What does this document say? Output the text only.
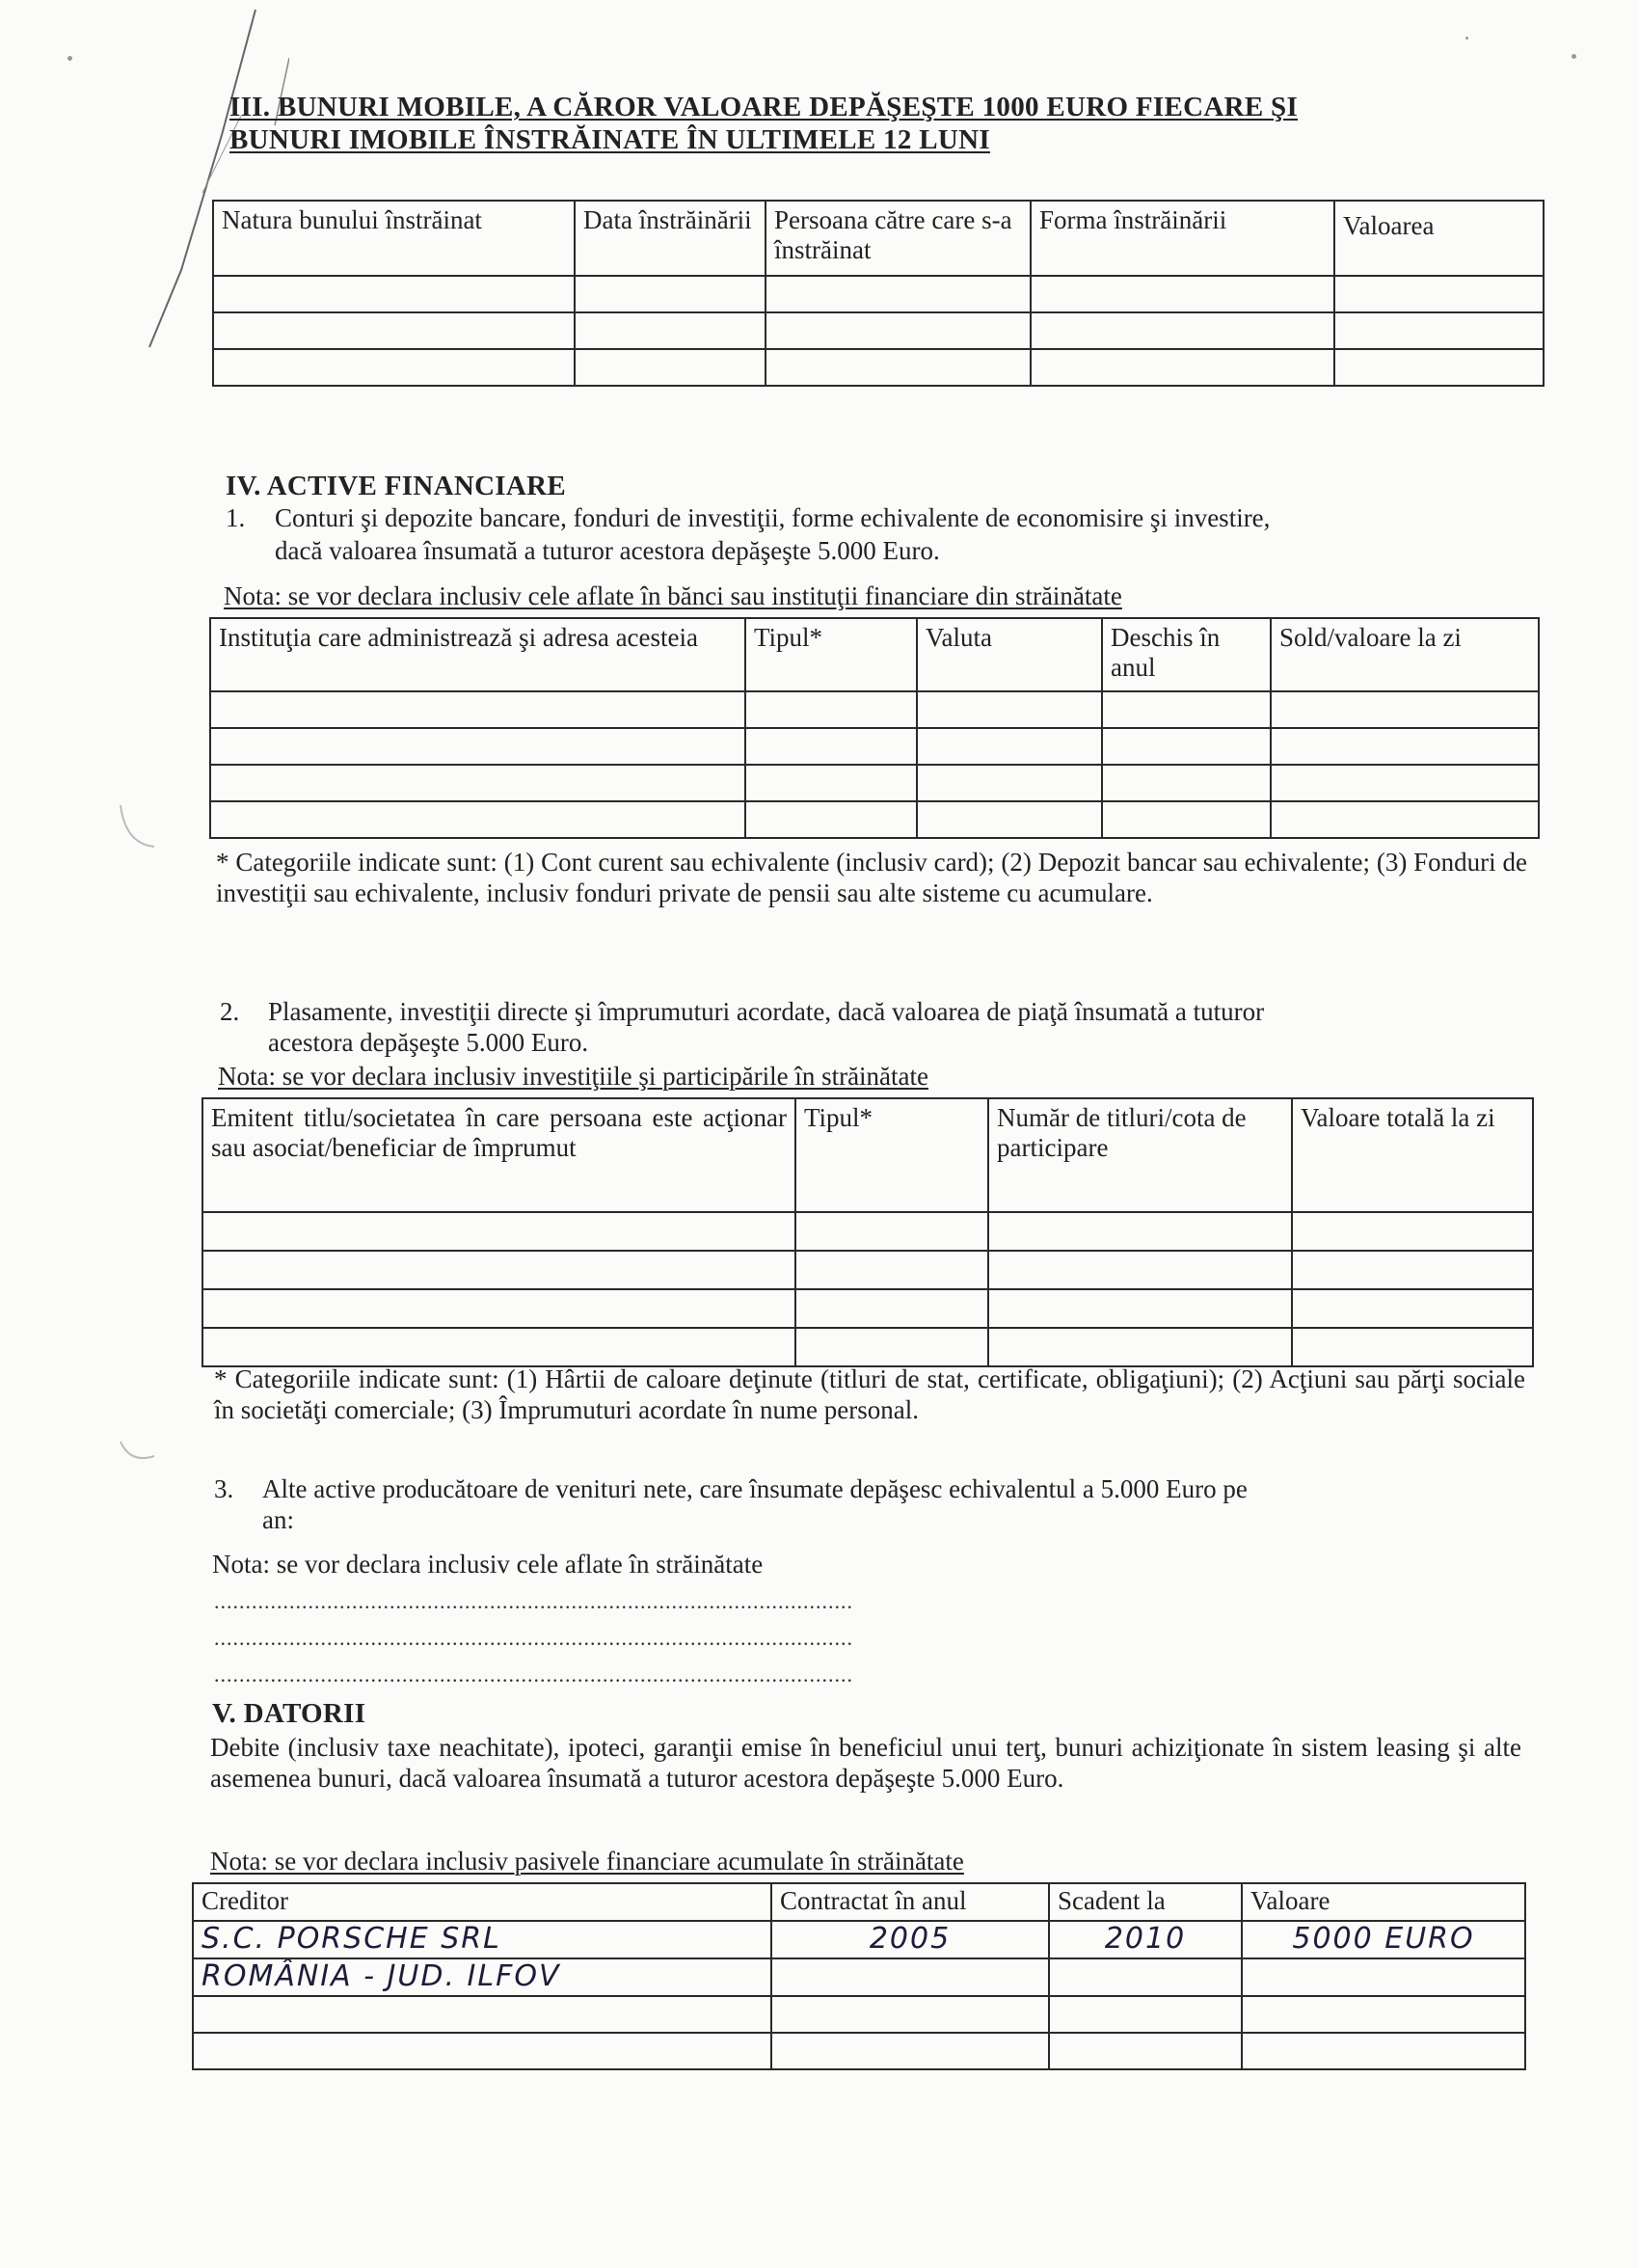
III. BUNURI MOBILE, A CĂROR VALOARE DEPĂŞEŞTE 1000 EURO FIECARE ŞI
BUNURI IMOBILE ÎNSTRĂINATE ÎN ULTIMELE 12 LUNI
Natura bunului înstrăinat	Data înstrăinării	Persoana către care s-a înstrăinat	Forma înstrăinării	Valoarea

IV. ACTIVE FINANCIARE
1. Conturi şi depozite bancare, fonduri de investiţii, forme echivalente de economisire şi investire,
dacă valoarea însumată a tuturor acestora depăşeşte 5.000 Euro.
Nota: se vor declara inclusiv cele aflate în bănci sau instituţii financiare din străinătate
Instituţia care administrează şi adresa acesteia	Tipul*	Valuta	Deschis în anul	Sold/valoare la zi

* Categoriile indicate sunt: (1) Cont curent sau echivalente (inclusiv card); (2) Depozit bancar sau echivalente; (3) Fonduri de investiţii sau echivalente, inclusiv fonduri private de pensii sau alte sisteme cu acumulare.
2. Plasamente, investiţii directe şi împrumuturi acordate, dacă valoarea de piaţă însumată a tuturor
acestora depăşeşte 5.000 Euro.
Nota: se vor declara inclusiv investiţiile şi participările în străinătate
Emitent titlu/societatea în care persoana este acţionar sau asociat/beneficiar de împrumut	Tipul*	Număr de titluri/cota de participare	Valoare totală la zi

* Categoriile indicate sunt: (1) Hârtii de caloare deţinute (titluri de stat, certificate, obligaţiuni); (2) Acţiuni sau părţi sociale în societăţi comerciale; (3) Împrumuturi acordate în nume personal.
3. Alte active producătoare de venituri nete, care însumate depăşesc echivalentul a 5.000 Euro pe
an:
Nota: se vor declara inclusiv cele aflate în străinătate
......................................................................................................
......................................................................................................
......................................................................................................
V. DATORII
Debite (inclusiv taxe neachitate), ipoteci, garanţii emise în beneficiul unui terţ, bunuri achiziţionate în sistem leasing şi alte asemenea bunuri, dacă valoarea însumată a tuturor acestora depăşeşte 5.000 Euro.
Nota: se vor declara inclusiv pasivele financiare acumulate în străinătate
Creditor	Contractat în anul	Scadent la	Valoare
S.C. PORSCHE SRL	2005	2010	5000 EURO
ROMÂNIA - JUD. ILFOV			
